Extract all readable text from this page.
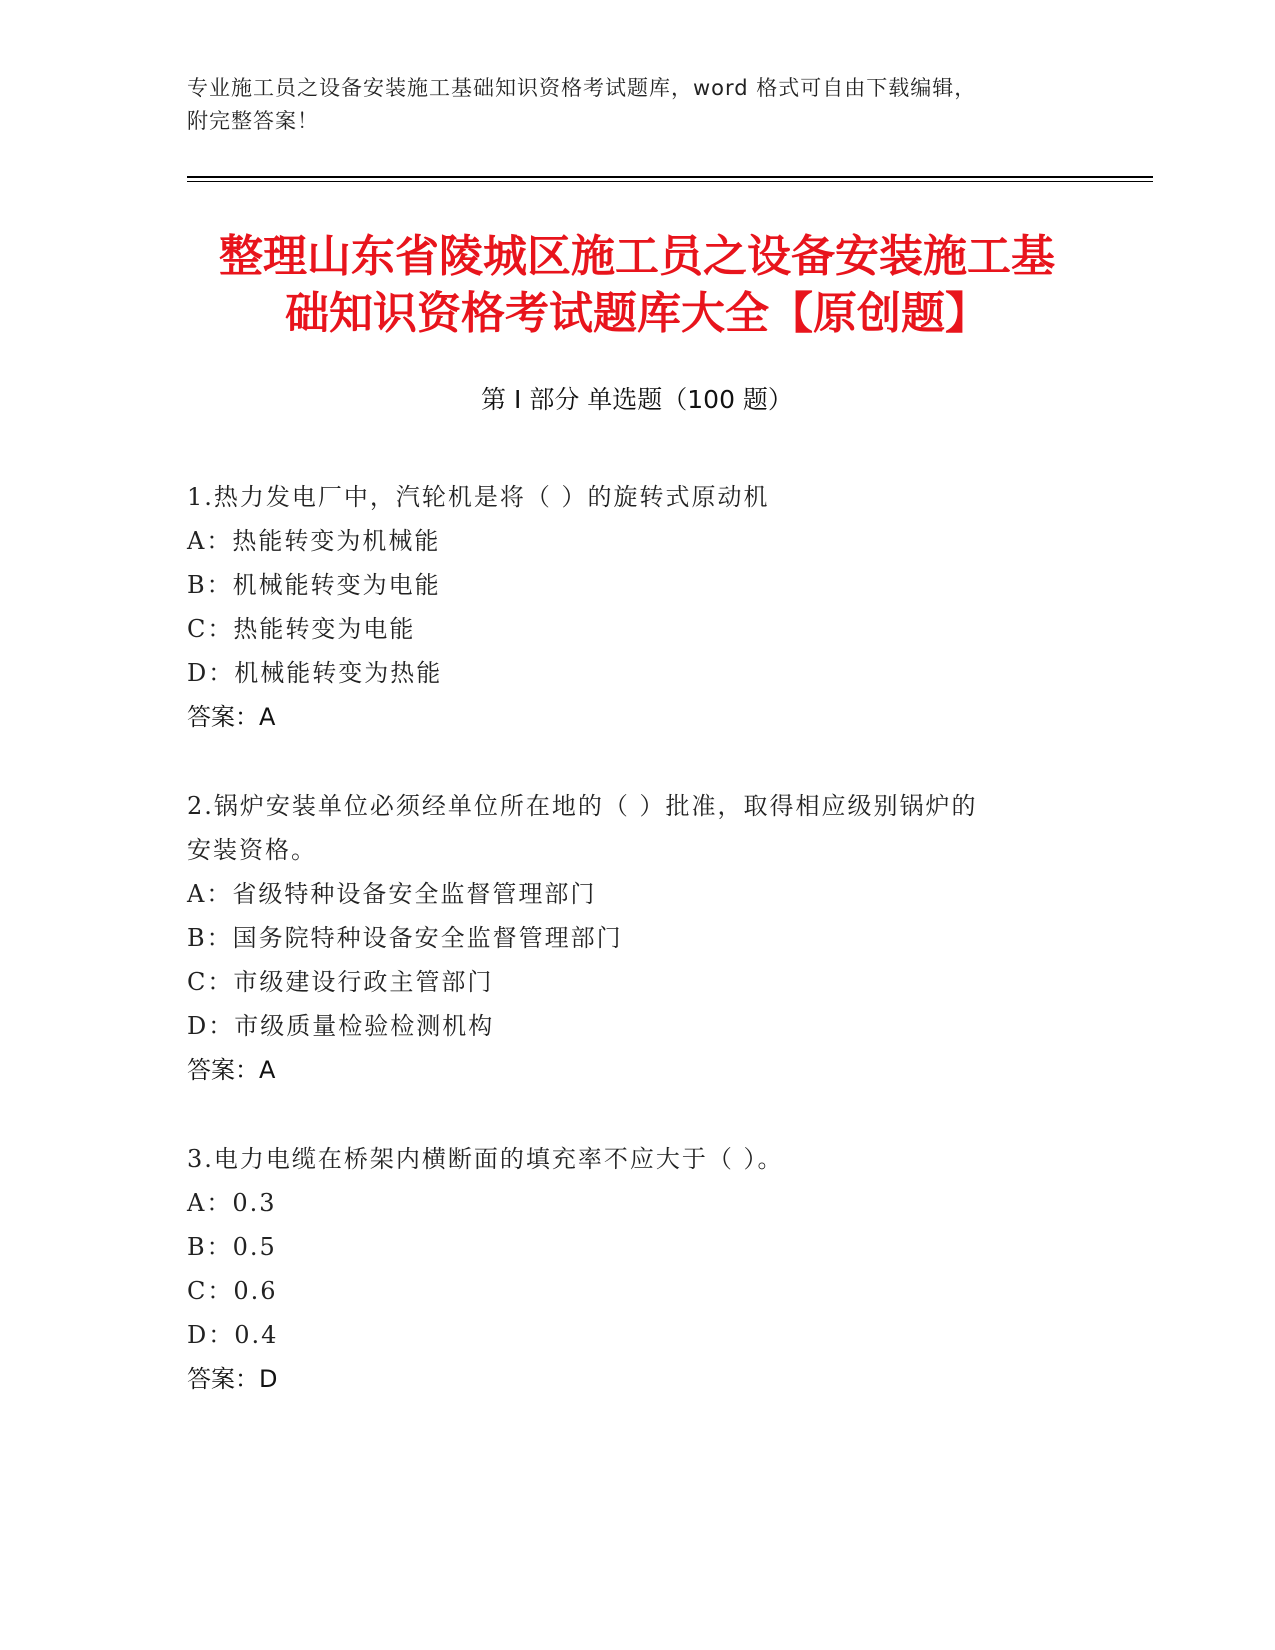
专业施工员之设备安装施工基础知识资格考试题库，word 格式可自由下载编辑，
附完整答案！
整理山东省陵城区施工员之设备安装施工基
础知识资格考试题库大全【原创题】
第 I 部分 单选题（100 题）
1.热力发电厂中，汽轮机是将（ ）的旋转式原动机
A：热能转变为机械能
B：机械能转变为电能
C：热能转变为电能
D：机械能转变为热能
答案：A
2.锅炉安装单位必须经单位所在地的（ ）批准，取得相应级别锅炉的
安装资格。
A：省级特种设备安全监督管理部门
B：国务院特种设备安全监督管理部门
C：市级建设行政主管部门
D：市级质量检验检测机构
答案：A
3.电力电缆在桥架内横断面的填充率不应大于（ ）。
A：0.3
B：0.5
C：0.6
D：0.4
答案：D
